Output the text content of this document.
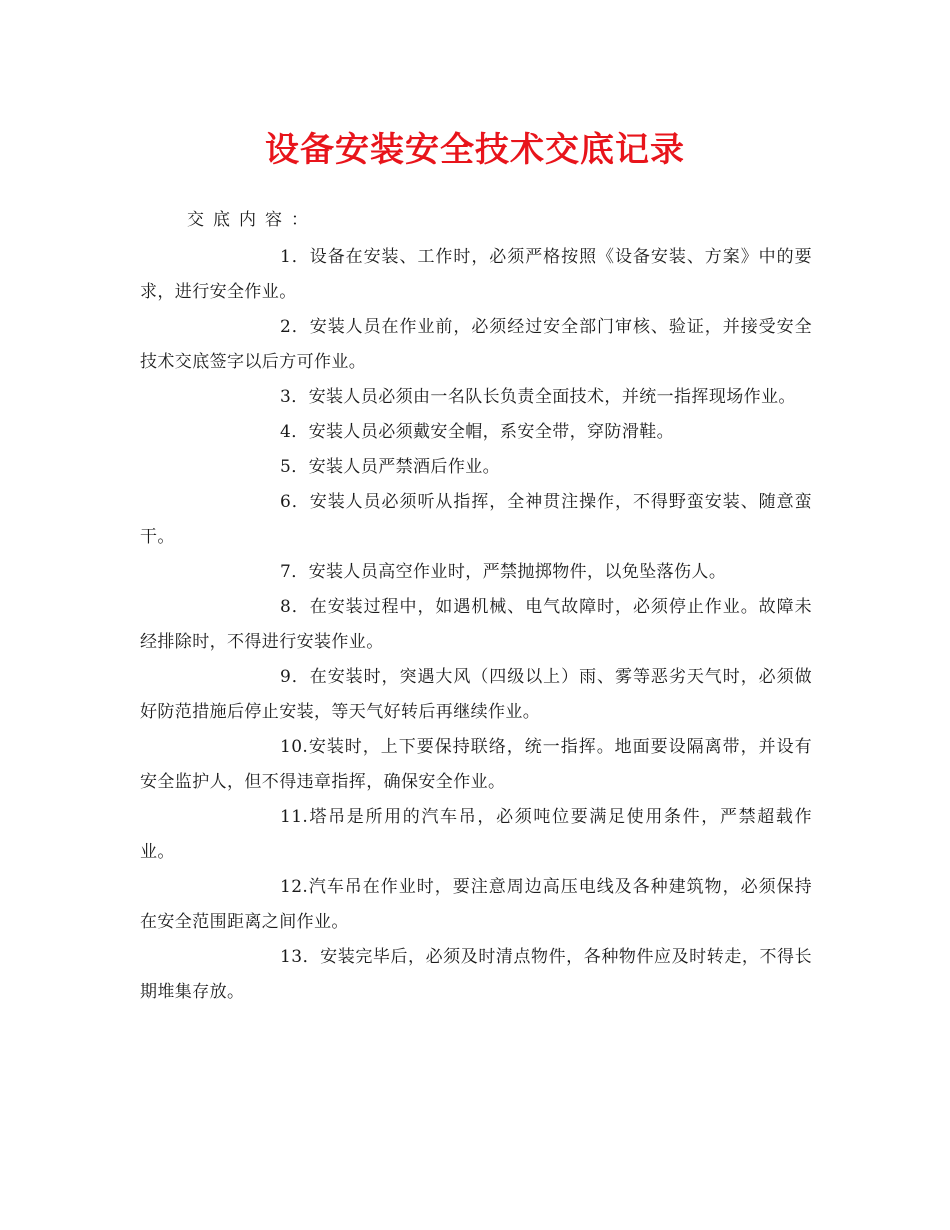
设备安装安全技术交底记录

交底内容：

1．设备在安装、工作时，必须严格按照《设备安装、方案》中的要求，进行安全作业。

2．安装人员在作业前，必须经过安全部门审核、验证，并接受安全技术交底签字以后方可作业。

3．安装人员必须由一名队长负责全面技术，并统一指挥现场作业。

4．安装人员必须戴安全帽，系安全带，穿防滑鞋。

5．安装人员严禁酒后作业。

6．安装人员必须听从指挥，全神贯注操作，不得野蛮安装、随意蛮干。

7．安装人员高空作业时，严禁抛掷物件，以免坠落伤人。

8．在安装过程中，如遇机械、电气故障时，必须停止作业。故障未经排除时，不得进行安装作业。

9．在安装时，突遇大风（四级以上）雨、雾等恶劣天气时，必须做好防范措施后停止安装，等天气好转后再继续作业。

10.安装时，上下要保持联络，统一指挥。地面要设隔离带，并设有安全监护人，但不得违章指挥，确保安全作业。

11.塔吊是所用的汽车吊，必须吨位要满足使用条件，严禁超载作业。

12.汽车吊在作业时，要注意周边高压电线及各种建筑物，必须保持在安全范围距离之间作业。

13．安装完毕后，必须及时清点物件，各种物件应及时转走，不得长期堆集存放。
